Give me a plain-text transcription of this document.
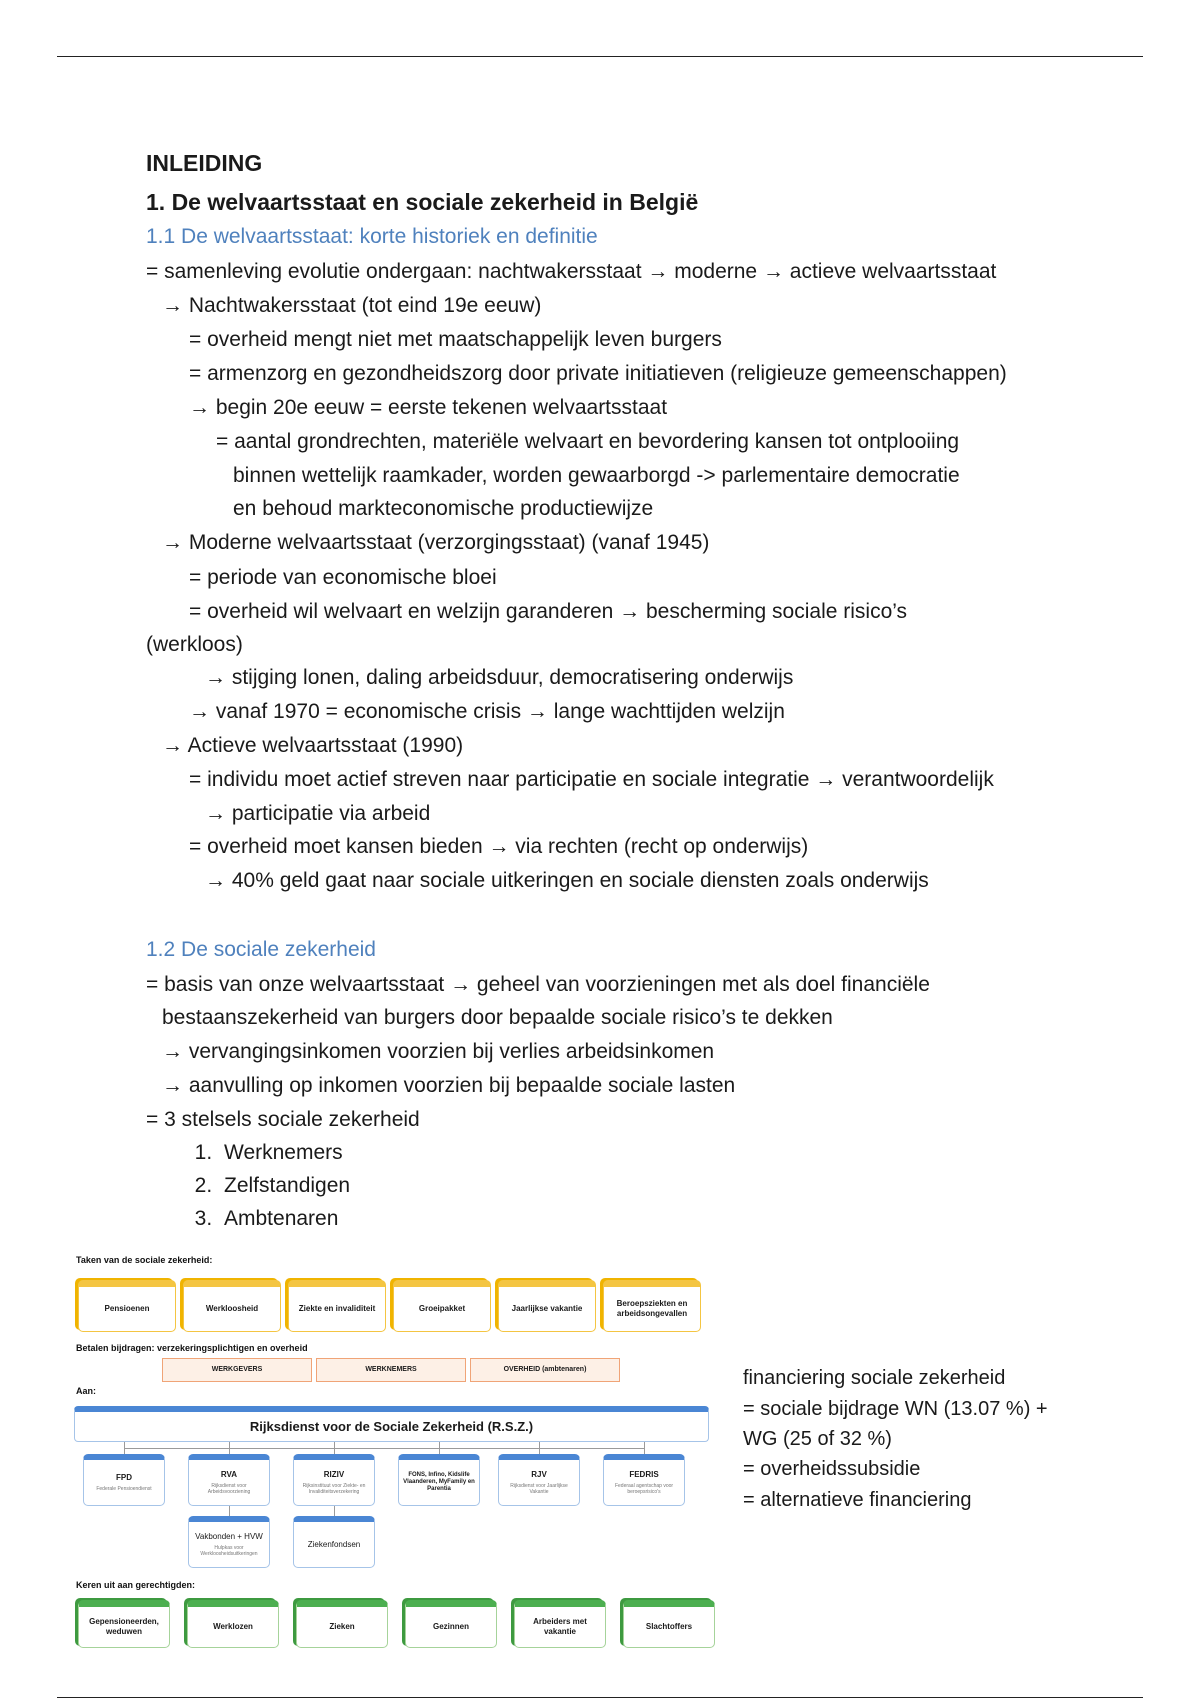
INLEIDING
1. De welvaartsstaat en sociale zekerheid in België
1.1 De welvaartsstaat: korte historiek en definitie
= samenleving evolutie ondergaan: nachtwakersstaat → moderne → actieve welvaartsstaat
→ Nachtwakersstaat (tot eind 19e eeuw)
= overheid mengt niet met maatschappelijk leven burgers
= armenzorg en gezondheidszorg door private initiatieven (religieuze gemeenschappen)
→ begin 20e eeuw = eerste tekenen welvaartsstaat
= aantal grondrechten, materiële welvaart en bevordering kansen tot ontplooiing
binnen wettelijk raamkader, worden gewaarborgd -> parlementaire democratie
en behoud markteconomische productiewijze
→ Moderne welvaartsstaat (verzorgingsstaat) (vanaf 1945)
= periode van economische bloei
= overheid wil welvaart en welzijn garanderen → bescherming sociale risico’s
(werkloos)
→ stijging lonen, daling arbeidsduur, democratisering onderwijs
→ vanaf 1970 = economische crisis → lange wachttijden welzijn
→ Actieve welvaartsstaat (1990)
= individu moet actief streven naar participatie en sociale integratie → verantwoordelijk
→ participatie via arbeid
= overheid moet kansen bieden → via rechten (recht op onderwijs)
→ 40% geld gaat naar sociale uitkeringen en sociale diensten zoals onderwijs
1.2 De sociale zekerheid
= basis van onze welvaartsstaat → geheel van voorzieningen met als doel financiële
bestaanszekerheid van burgers door bepaalde sociale risico’s te dekken
→ vervangingsinkomen voorzien bij verlies arbeidsinkomen
→ aanvulling op inkomen voorzien bij bepaalde sociale lasten
= 3 stelsels sociale zekerheid
1. Werknemers
2. Zelfstandigen
3. Ambtenaren
financiering sociale zekerheid
= sociale bijdrage WN (13.07 %) +
WG (25 of 32 %)
= overheidssubsidie
= alternatieve financiering
Taken van de sociale zekerheid:
Pensioenen	Werkloosheid	Ziekte en invaliditeit	Groeipakket	Jaarlijkse vakantie
Beroepsziekten en arbeidsongevallen
Betalen bijdragen: verzekeringsplichtigen en overheid
WERKGEVERS	WERKNEMERS	OVERHEID (ambtenaren)
Aan:
Rijksdienst voor de Sociale Zekerheid (R.S.Z.)
FPD
Federale Pensioendienst
RVA
Rijksdienst voor Arbeidsvoorziening
RIZIV
Rijksinstituut voor Ziekte- en Invaliditeitsverzekering
FONS, Infino, Kidslife Vlaanderen, MyFamily en Parentia
RJV
Rijksdienst voor Jaarlijkse Vakantie
FEDRIS
Federaal agentschap voor beroepsrisico's
Vakbonden + HVW
Hulpkas voor Werkloosheidsuitkeringen
Ziekenfondsen
Keren uit aan gerechtigden:
Gepensioneerden, weduwen
Werklozen	Zieken	Gezinnen
Arbeiders met vakantie
Slachtoffers
